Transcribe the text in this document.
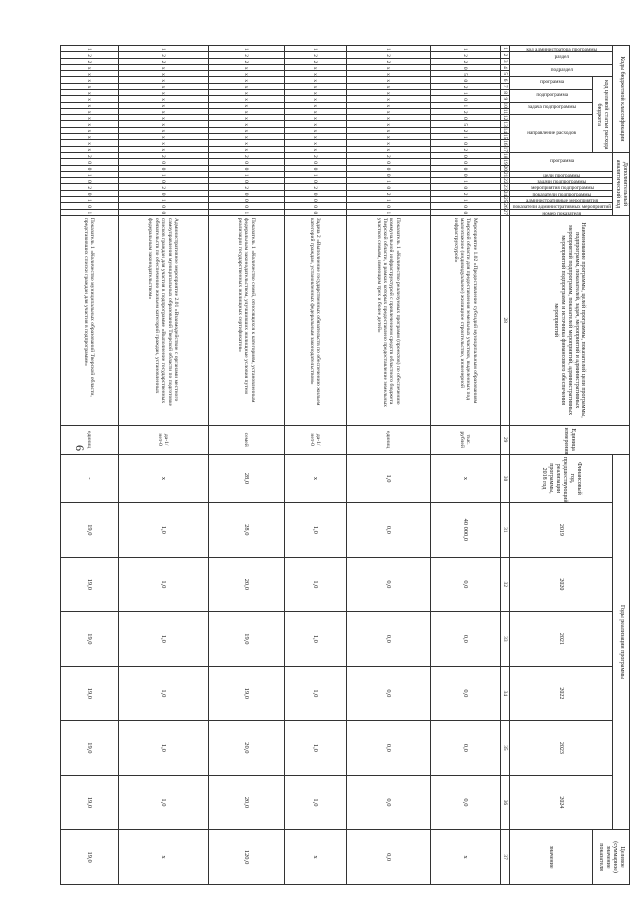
6
Коды бюджетной классификации																	Дополнительный аналитический код										Наименование программы, целей программы, показателей цели программы, подпрограмм, показателей, задач, мероприятий и административных мероприятий подпрограмм, показателей мероприятий, административных мероприятий подпрограмм и источника финансового обеспечения мероприятий	Единица измерения	Годы реализации программы							Целевое (суммарное) значение показателя
код администратора программы	раздел		подраздел		код целевой статьи расхода бюджета												программа			цели программы	задачи подпрограммы	мероприятия подпрограммы	показатели подпрограммы	административные мероприятия	показатели административных мероприятий	номер показателя			Финансовый год, предшествующий реализации программы, 2018 год	2019	2020	2021	2022	2023	2024	
					программа		подпрограмма		задача подпрограммы		направление расходов																									значение
1	2	3	4	5	6	7	8	9	10	11	12	13	14	15	16	17	18	19	20	21	22	23	24	25	26	27	28	29	30	31	32	33	34	35	36	37
1	2	2	0	5	0	2	1	0	1	2	0	5	2	1	0	2	0	0	0	0	1	0	2	1	0	0	Мероприятие 1.02 «Предоставление субсидий муниципальным образованиям Тверской области для предоставления земельных участков, выделенных под малоэтажное (индивидуальное) жилищное строительство, инженерной инфраструктурой»	тыс. рублей	х	40 000,0	0,0	0,0	0,0	0,0	0,0	х
1	2	2	х	х	х	х	х	х	х	х	х	х	х	х	х	х	2	0	0	0	1	0	2	1	0	1	Показатель 1 «Количество реализуемых программ (проектов) по обеспечению коммунальной инфраструктурой с привлечением средств областного бюджета Тверской области, в рамках которых предоставлено предоставление земельных участков семьям, имеющим трех и более детей»	единиц	1,0	0,0	0,0	0,0	0,0	0,0	0,0	0,0
1	2	2	х	х	х	х	х	х	х	х	х	х	х	х	х	х	2	0	0	1	0	2	0	0	0	0	Задача 2 «Выполнение государственных обязательств по обеспечению жильем категорий граждан, установленных федеральным законодательством»	да-1/ нет-0	х	1,0	1,0	1,0	1,0	1,0	1,0	х
1	2	2	х	х	х	х	х	х	х	х	х	х	х	х	х	х	2	0	0	1	0	2	0	0	0	1	Показатель 1 «Количество семей, относящихся к категориям, установленным федеральным законодательством, улучшивших жилищные условия путем реализации государственных жилищных сертификатов»	семей	28,0	28,0	20,0	19,0	19,0	20,0	20,0	120,0
1	2	2	х	х	х	х	х	х	х	х	х	х	х	х	х	х	2	0	0	1	0	2	0	1	0	0	Административное мероприятие 2.01 «Взаимодействие с органами местного самоуправления муниципальных образований Тверской области по подготовке списков граждан для участия в подпрограмме «Выполнение государственных обязательств по обеспечению жильем категорий граждан, установленных федеральным законодательством»	да-1/ нет-0	х	1,0	1,0	1,0	1,0	1,0	1,0	х
1	2	2	х	х	х	х	х	х	х	х	х	х	х	х	х	х	2	0	0	1	0	2	0	1	0	1	Показатель 1 «Количество муниципальных образований Тверской области, представивших списки граждан для участия в подпрограмме»	единиц	-	19,0	19,0	19,0	19,0	19,0	19,0	19,0
